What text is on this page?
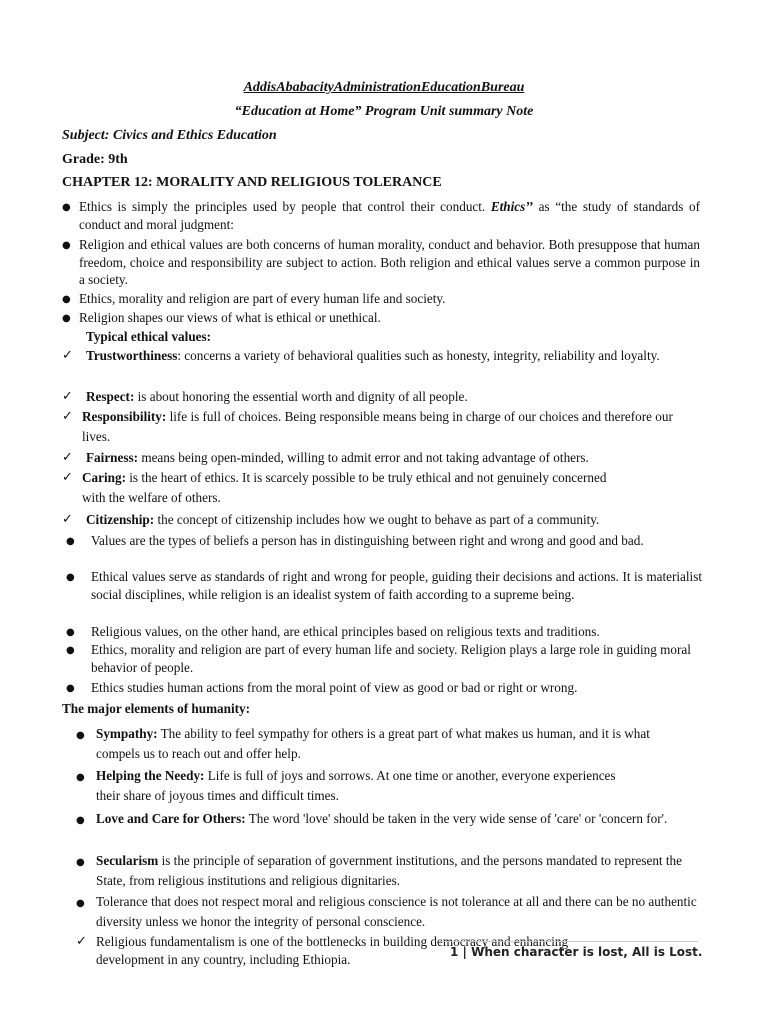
AddisAbabacityAdministrationEducationBureau
“Education at Home” Program Unit summary Note
Subject: Civics and Ethics Education
Grade: 9th
CHAPTER 12: MORALITY AND RELIGIOUS TOLERANCE
● Ethics is simply the principles used by people that control their conduct. Ethics’’ as “the study of standards of conduct and moral judgment:
● Religion and ethical values are both concerns of human morality, conduct and behavior. Both presuppose that human freedom, choice and responsibility are subject to action. Both religion and ethical values serve a common purpose in a society.
● Ethics, morality and religion are part of every human life and society.
● Religion shapes our views of what is ethical or unethical.
Typical ethical values:
✓ Trustworthiness: concerns a variety of behavioral qualities such as honesty, integrity, reliability and loyalty.
✓ Respect: is about honoring the essential worth and dignity of all people.
✓ Responsibility: life is full of choices. Being responsible means being in charge of our choices and therefore our lives.
✓ Fairness: means being open-minded, willing to admit error and not taking advantage of others.
✓ Caring: is the heart of ethics. It is scarcely possible to be truly ethical and not genuinely concerned with the welfare of others.
✓ Citizenship: the concept of citizenship includes how we ought to behave as part of a community.
● Values are the types of beliefs a person has in distinguishing between right and wrong and good and bad.
● Ethical values serve as standards of right and wrong for people, guiding their decisions and actions. It is materialist social disciplines, while religion is an idealist system of faith according to a supreme being.
● Religious values, on the other hand, are ethical principles based on religious texts and traditions.
● Ethics, morality and religion are part of every human life and society. Religion plays a large role in guiding moral behavior of people.
● Ethics studies human actions from the moral point of view as good or bad or right or wrong.
The major elements of humanity:
● Sympathy: The ability to feel sympathy for others is a great part of what makes us human, and it is what compels us to reach out and offer help.
● Helping the Needy: Life is full of joys and sorrows. At one time or another, everyone experiences their share of joyous times and difficult times.
● Love and Care for Others: The word 'love' should be taken in the very wide sense of 'care' or 'concern for'.
● Secularism is the principle of separation of government institutions, and the persons mandated to represent the State, from religious institutions and religious dignitaries.
● Tolerance that does not respect moral and religious conscience is not tolerance at all and there can be no authentic diversity unless we honor the integrity of personal conscience.
✓ Religious fundamentalism is one of the bottlenecks in building democracy and enhancing development in any country, including Ethiopia.	1 | When character is lost, All is Lost.
